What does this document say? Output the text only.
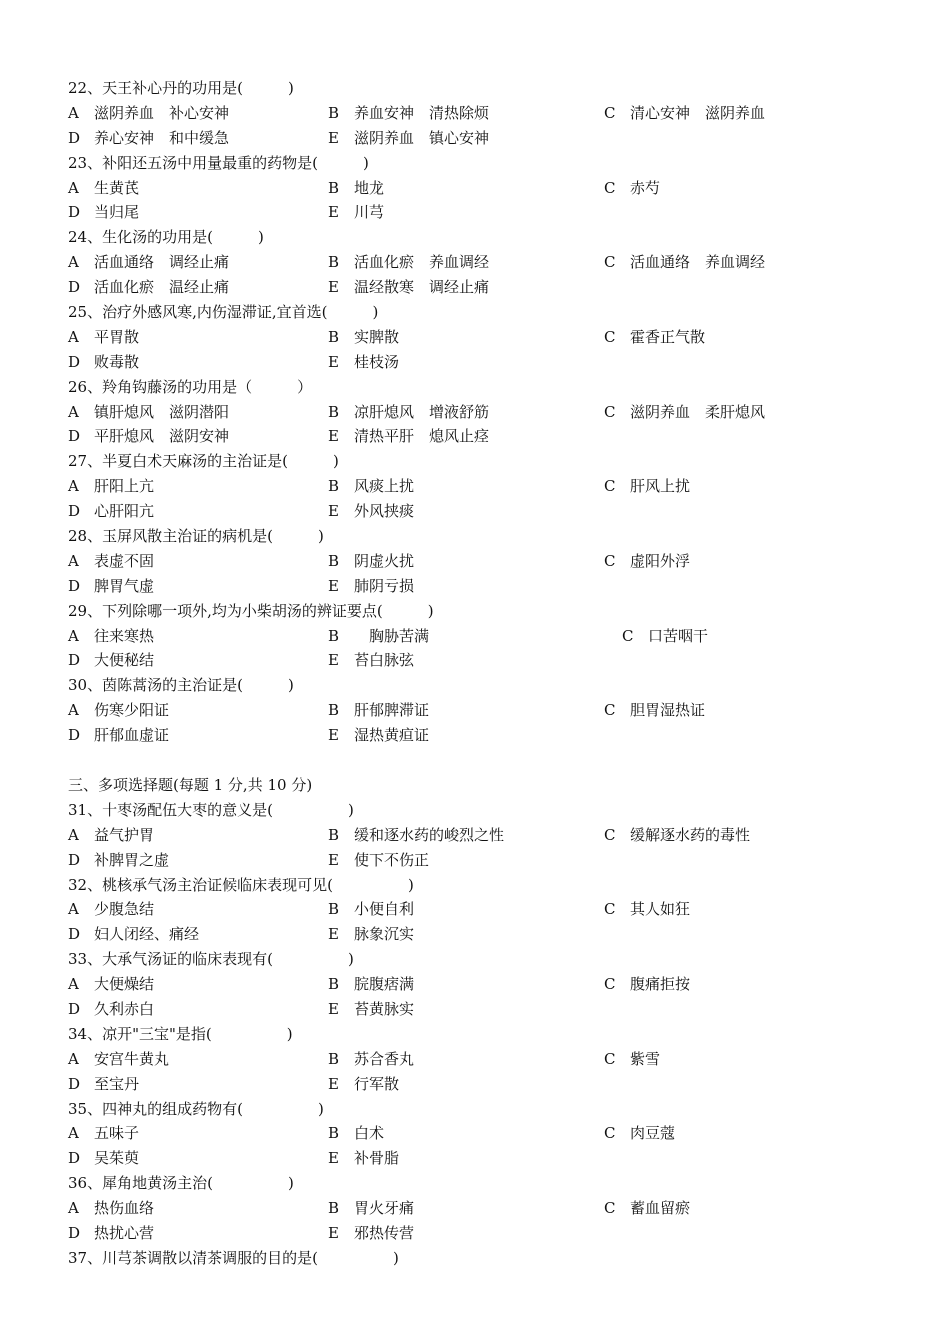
22、天王补心丹的功用是(　　　)
A 滋阴养血　补心安神	B 养血安神　清热除烦	C 清心安神　滋阴养血
D 养心安神　和中缓急	E 滋阴养血　镇心安神
23、补阳还五汤中用量最重的药物是(　　　)
A 生黄芪	B 地龙	C 赤芍
D 当归尾	E 川芎
24、生化汤的功用是(　　　)
A 活血通络　调经止痛	B 活血化瘀　养血调经	C 活血通络　养血调经
D 活血化瘀　温经止痛	E 温经散寒　调经止痛
25、治疗外感风寒,内伤湿滞证,宜首选(　　　)
A 平胃散	B 实脾散	C 霍香正气散
D 败毒散	E 桂枝汤
26、羚角钩藤汤的功用是（　　　）
A 镇肝熄风　滋阴潜阳	B 凉肝熄风　增液舒筋	C 滋阴养血　柔肝熄风
D 平肝熄风　滋阴安神	E 清热平肝　熄风止痉
27、半夏白术天麻汤的主治证是(　　　)
A 肝阳上亢	B 风痰上扰	C 肝风上扰
D 心肝阳亢	E 外风挟痰
28、玉屏风散主治证的病机是(　　　)
A 表虚不固	B 阴虚火扰	C 虚阳外浮
D 脾胃气虚	E 肺阴亏损
29、下列除哪一项外,均为小柴胡汤的辨证要点(　　　)
A 往来寒热	B　胸胁苦满	C 口苦咽干
D 大便秘结	E 苔白脉弦
30、茵陈蒿汤的主治证是(　　　)
A 伤寒少阳证	B 肝郁脾滞证	C 胆胃湿热证
D 肝郁血虚证	E 湿热黄疸证
三、多项选择题(每题 1 分,共 10 分)
31、十枣汤配伍大枣的意义是(　　　　　)
A 益气护胃	B 缓和逐水药的峻烈之性	C 缓解逐水药的毒性
D 补脾胃之虚	E 使下不伤正
32、桃核承气汤主治证候临床表现可见(　　　　　)
A 少腹急结	B 小便自利	C 其人如狂
D 妇人闭经、痛经	E 脉象沉实
33、大承气汤证的临床表现有(　　　　　)
A 大便燥结	B 脘腹痞满	C 腹痛拒按
D 久利赤白	E 苔黄脉实
34、凉开"三宝"是指(　　　　　)
A 安宫牛黄丸	B 苏合香丸	C 紫雪
D 至宝丹	E 行军散
35、四神丸的组成药物有(　　　　　)
A 五味子	B 白术	C 肉豆蔻
D 吴茱萸	E 补骨脂
36、犀角地黄汤主治(　　　　　)
A 热伤血络	B 胃火牙痛	C 蓄血留瘀
D 热扰心营	E 邪热传营
37、川芎茶调散以清茶调服的目的是(　　　　　)
